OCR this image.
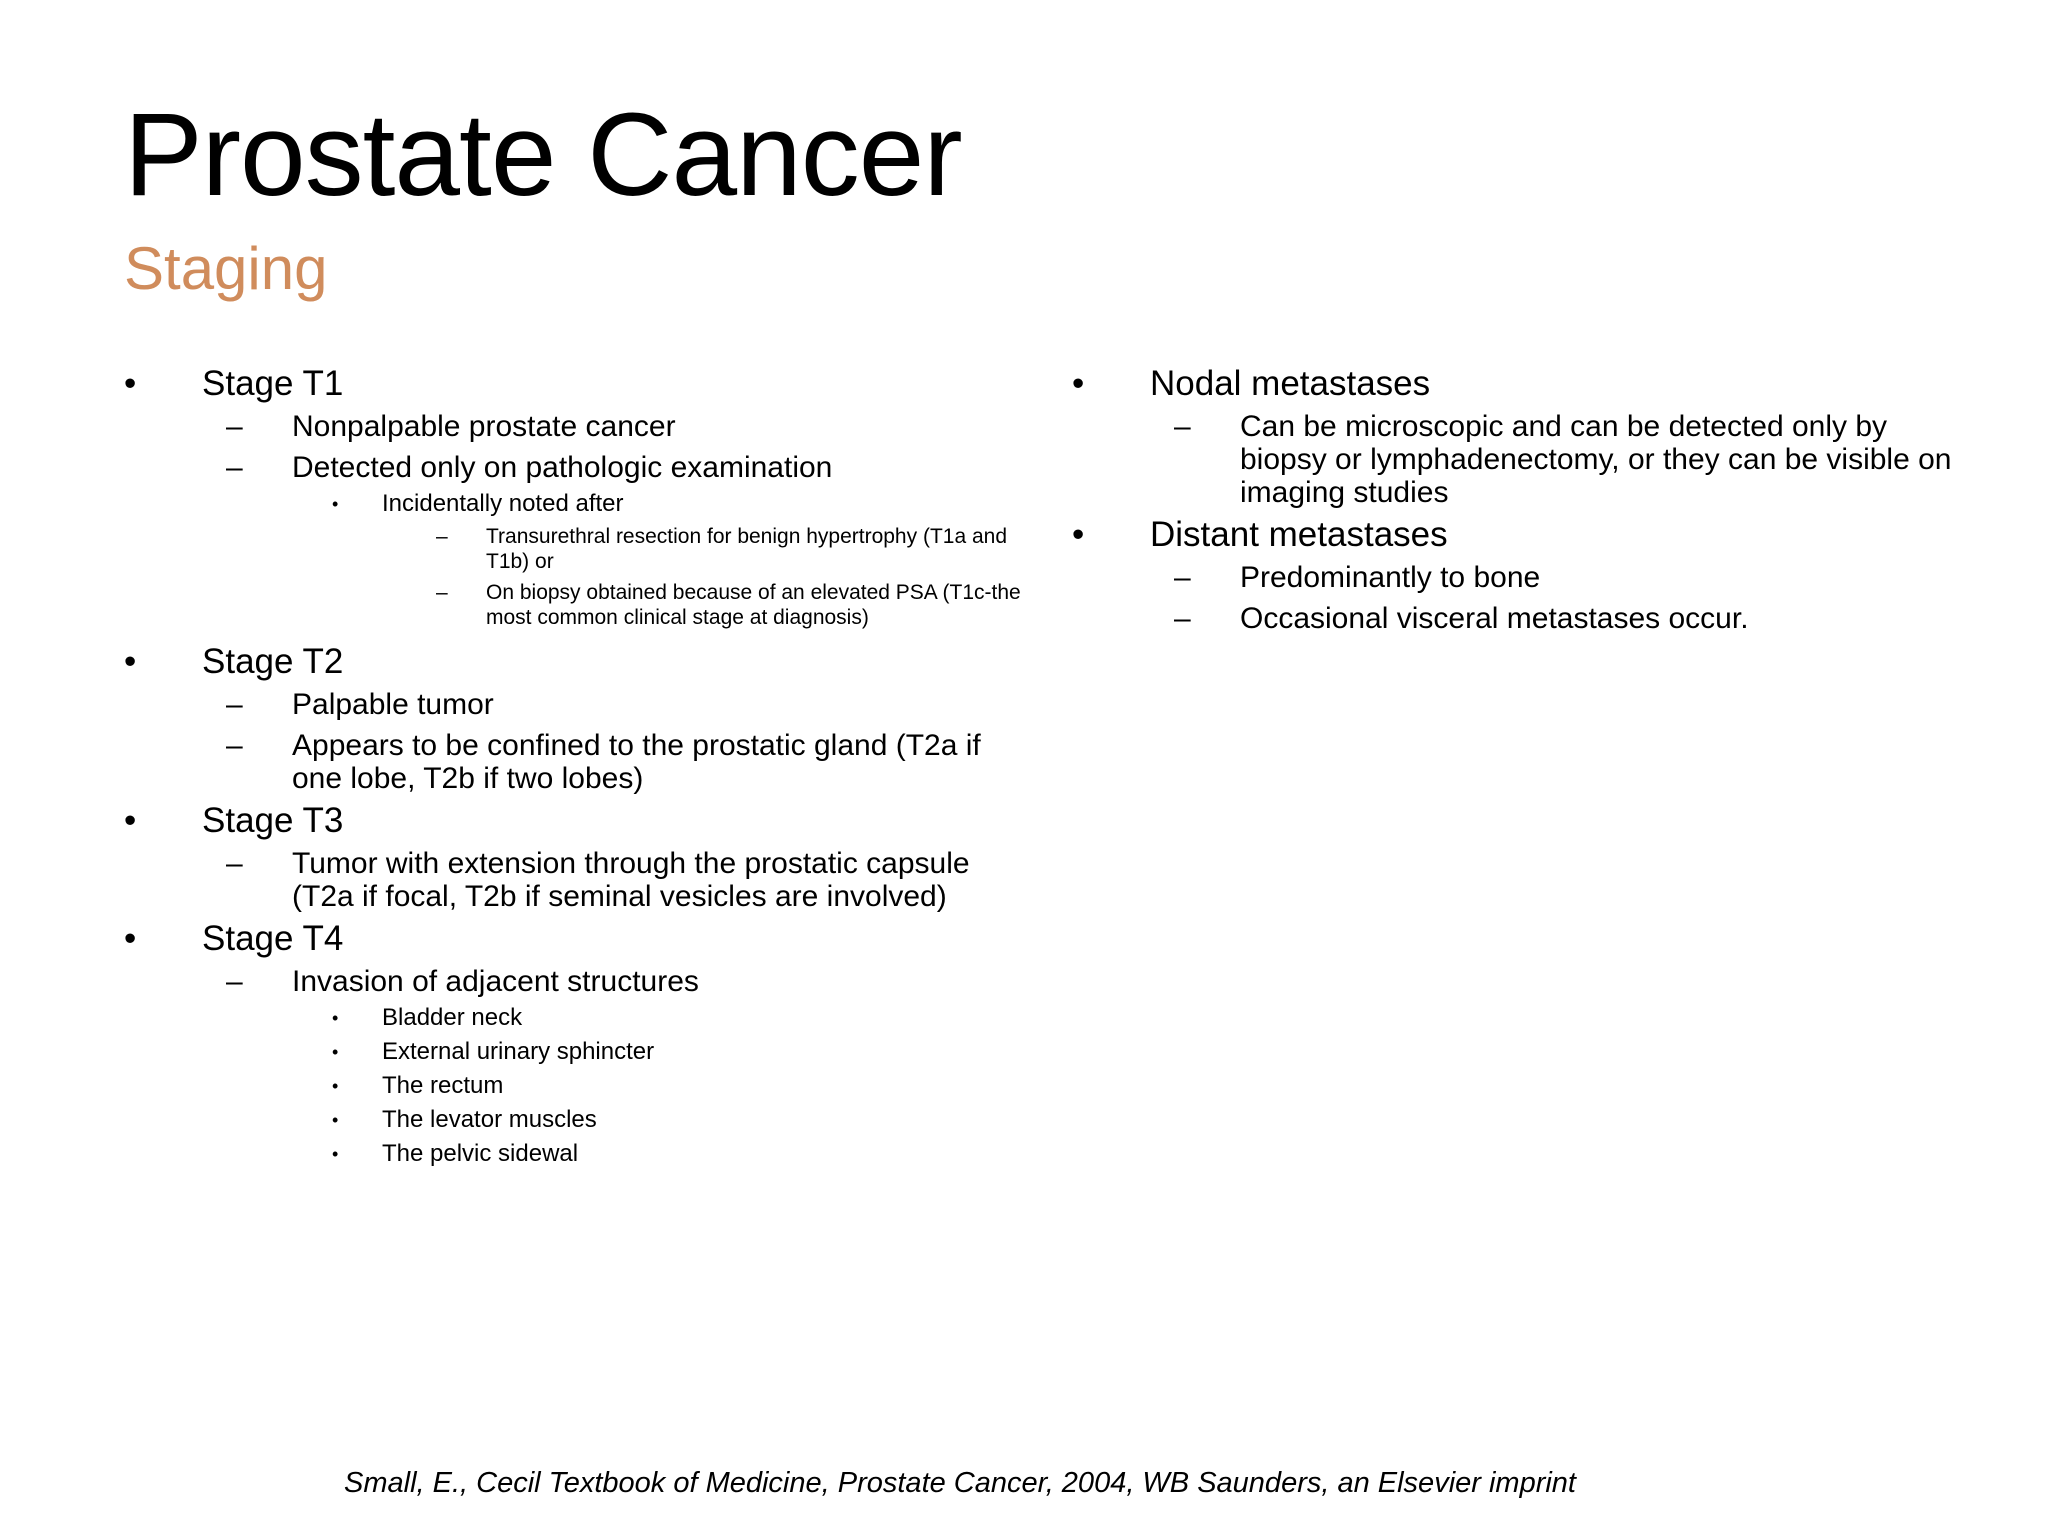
Prostate Cancer
Staging
• Stage T1
– Nonpalpable prostate cancer
– Detected only on pathologic examination
• Incidentally noted after
– Transurethral resection for benign hypertrophy (T1a and T1b) or
– On biopsy obtained because of an elevated PSA (T1c-the most common clinical stage at diagnosis)
• Stage T2
– Palpable tumor
– Appears to be confined to the prostatic gland (T2a if one lobe, T2b if two lobes)
• Stage T3
– Tumor with extension through the prostatic capsule (T2a if focal, T2b if seminal vesicles are involved)
• Stage T4
– Invasion of adjacent structures
• Bladder neck
• External urinary sphincter
• The rectum
• The levator muscles
• The pelvic sidewal
• Nodal metastases
– Can be microscopic and can be detected only by biopsy or lymphadenectomy, or they can be visible on imaging studies
• Distant metastases
– Predominantly to bone
– Occasional visceral metastases occur.
Small, E., Cecil Textbook of Medicine, Prostate Cancer, 2004, WB Saunders, an Elsevier imprint
